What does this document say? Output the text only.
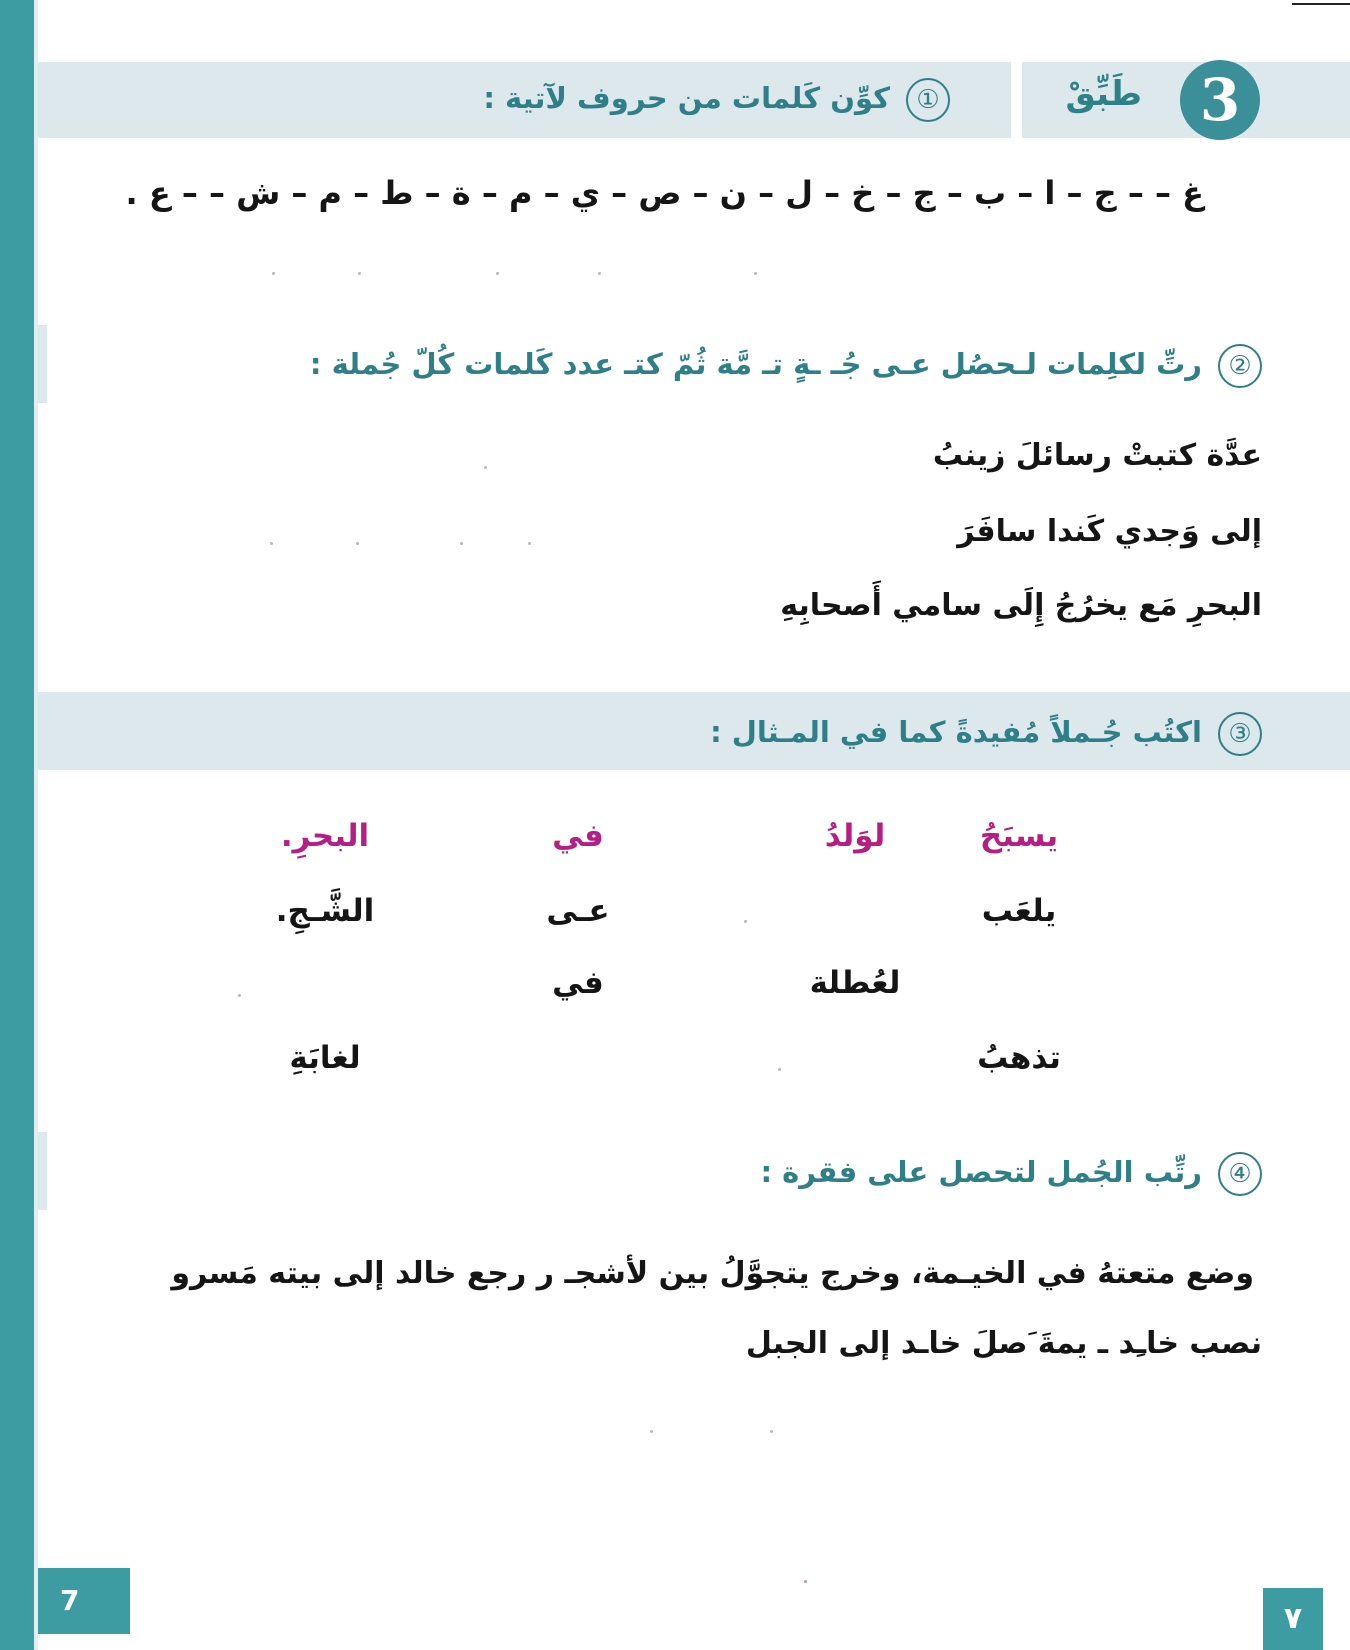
3
طَبِّقْ
①كوِّن كَلمات من حروف لآتية :
غ – – ج – ا – ب – ج – خ – ل – ن – ص – ي – م – ة – ط – م – ش – – ع .
②رتِّ لكلِمات لـحصُل عـى جُـ ـةٍ تـ مَّة ثُمّ كتـ عدد كَلمات كُلّ جُملة :
عدَّة كتبتْ رسائلَ زينبُ
إلى وَجدي كَندا سافَرَ
البحرِ مَع يخرُجُ إِلَى سامي أَصحابِهِ
③اكتُب جُـملاً مُفيدةً كما في المـثال :
يسبَحُ
لوَلدُ
في
البحرِ.
يلعَب
عـى
الشَّـجِ.
لعُطلة
في
تذهبُ
لغابَةِ
④رتِّب الجُمل لتحصل على فقرة :
وضع متعتهُ في الخيـمة، وخرج يتجوَّلُ بين لأشجـ ر رجع خالد إلى بيته مَسرو
نصب خاـِد ـ يمةَ َصلَ خاـد إلى الجبل
7
٧
